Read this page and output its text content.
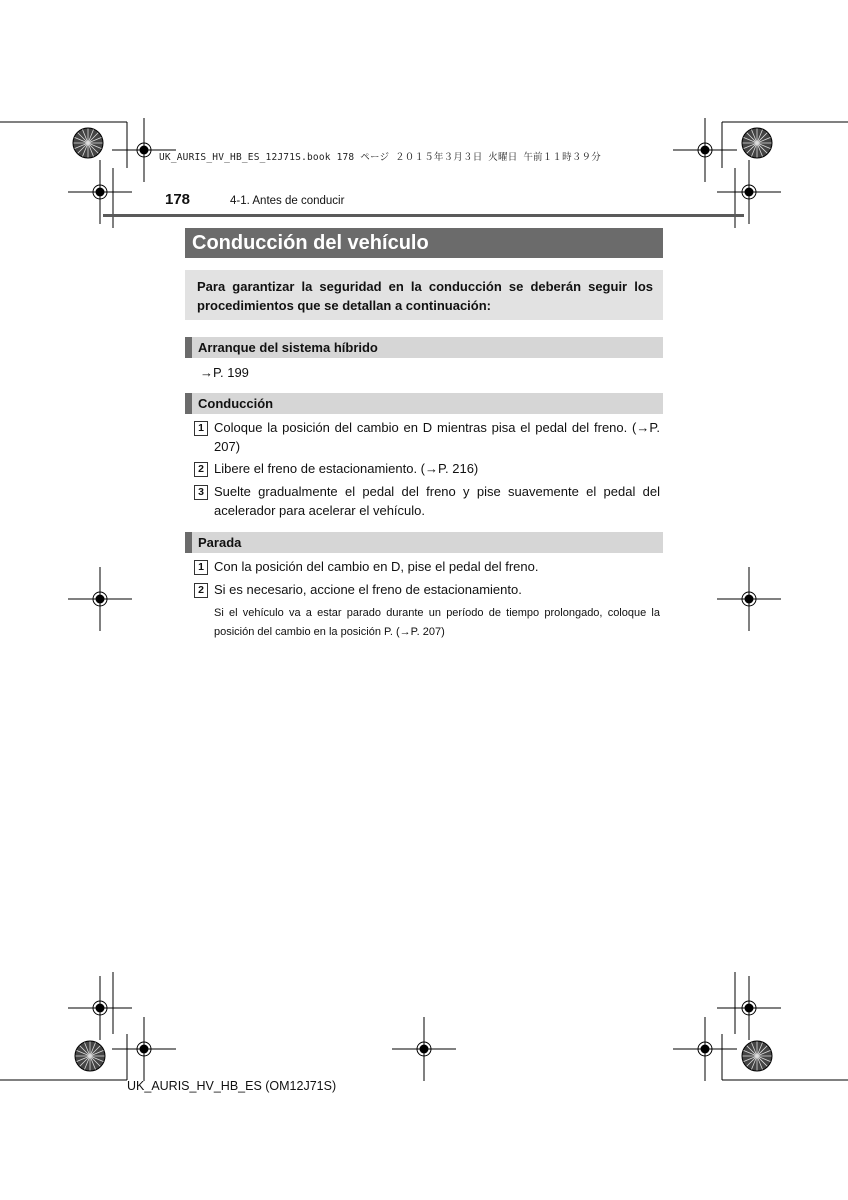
UK_AURIS_HV_HB_ES_12J71S.book 178 ページ ２０１５年３月３日 火曜日 午前１１時３９分
178	4-1. Antes de conducir
Conducción del vehículo
Para garantizar la seguridad en la conducción se deberán seguir los procedimientos que se detallan a continuación:
Arranque del sistema híbrido
→P. 199
Conducción
1 Coloque la posición del cambio en D mientras pisa el pedal del freno. (→P. 207)
2 Libere el freno de estacionamiento. (→P. 216)
3 Suelte gradualmente el pedal del freno y pise suavemente el pedal del acelerador para acelerar el vehículo.
Parada
1 Con la posición del cambio en D, pise el pedal del freno.
2 Si es necesario, accione el freno de estacionamiento.
Si el vehículo va a estar parado durante un período de tiempo prolongado, coloque la posición del cambio en la posición P. (→P. 207)
UK_AURIS_HV_HB_ES (OM12J71S)
